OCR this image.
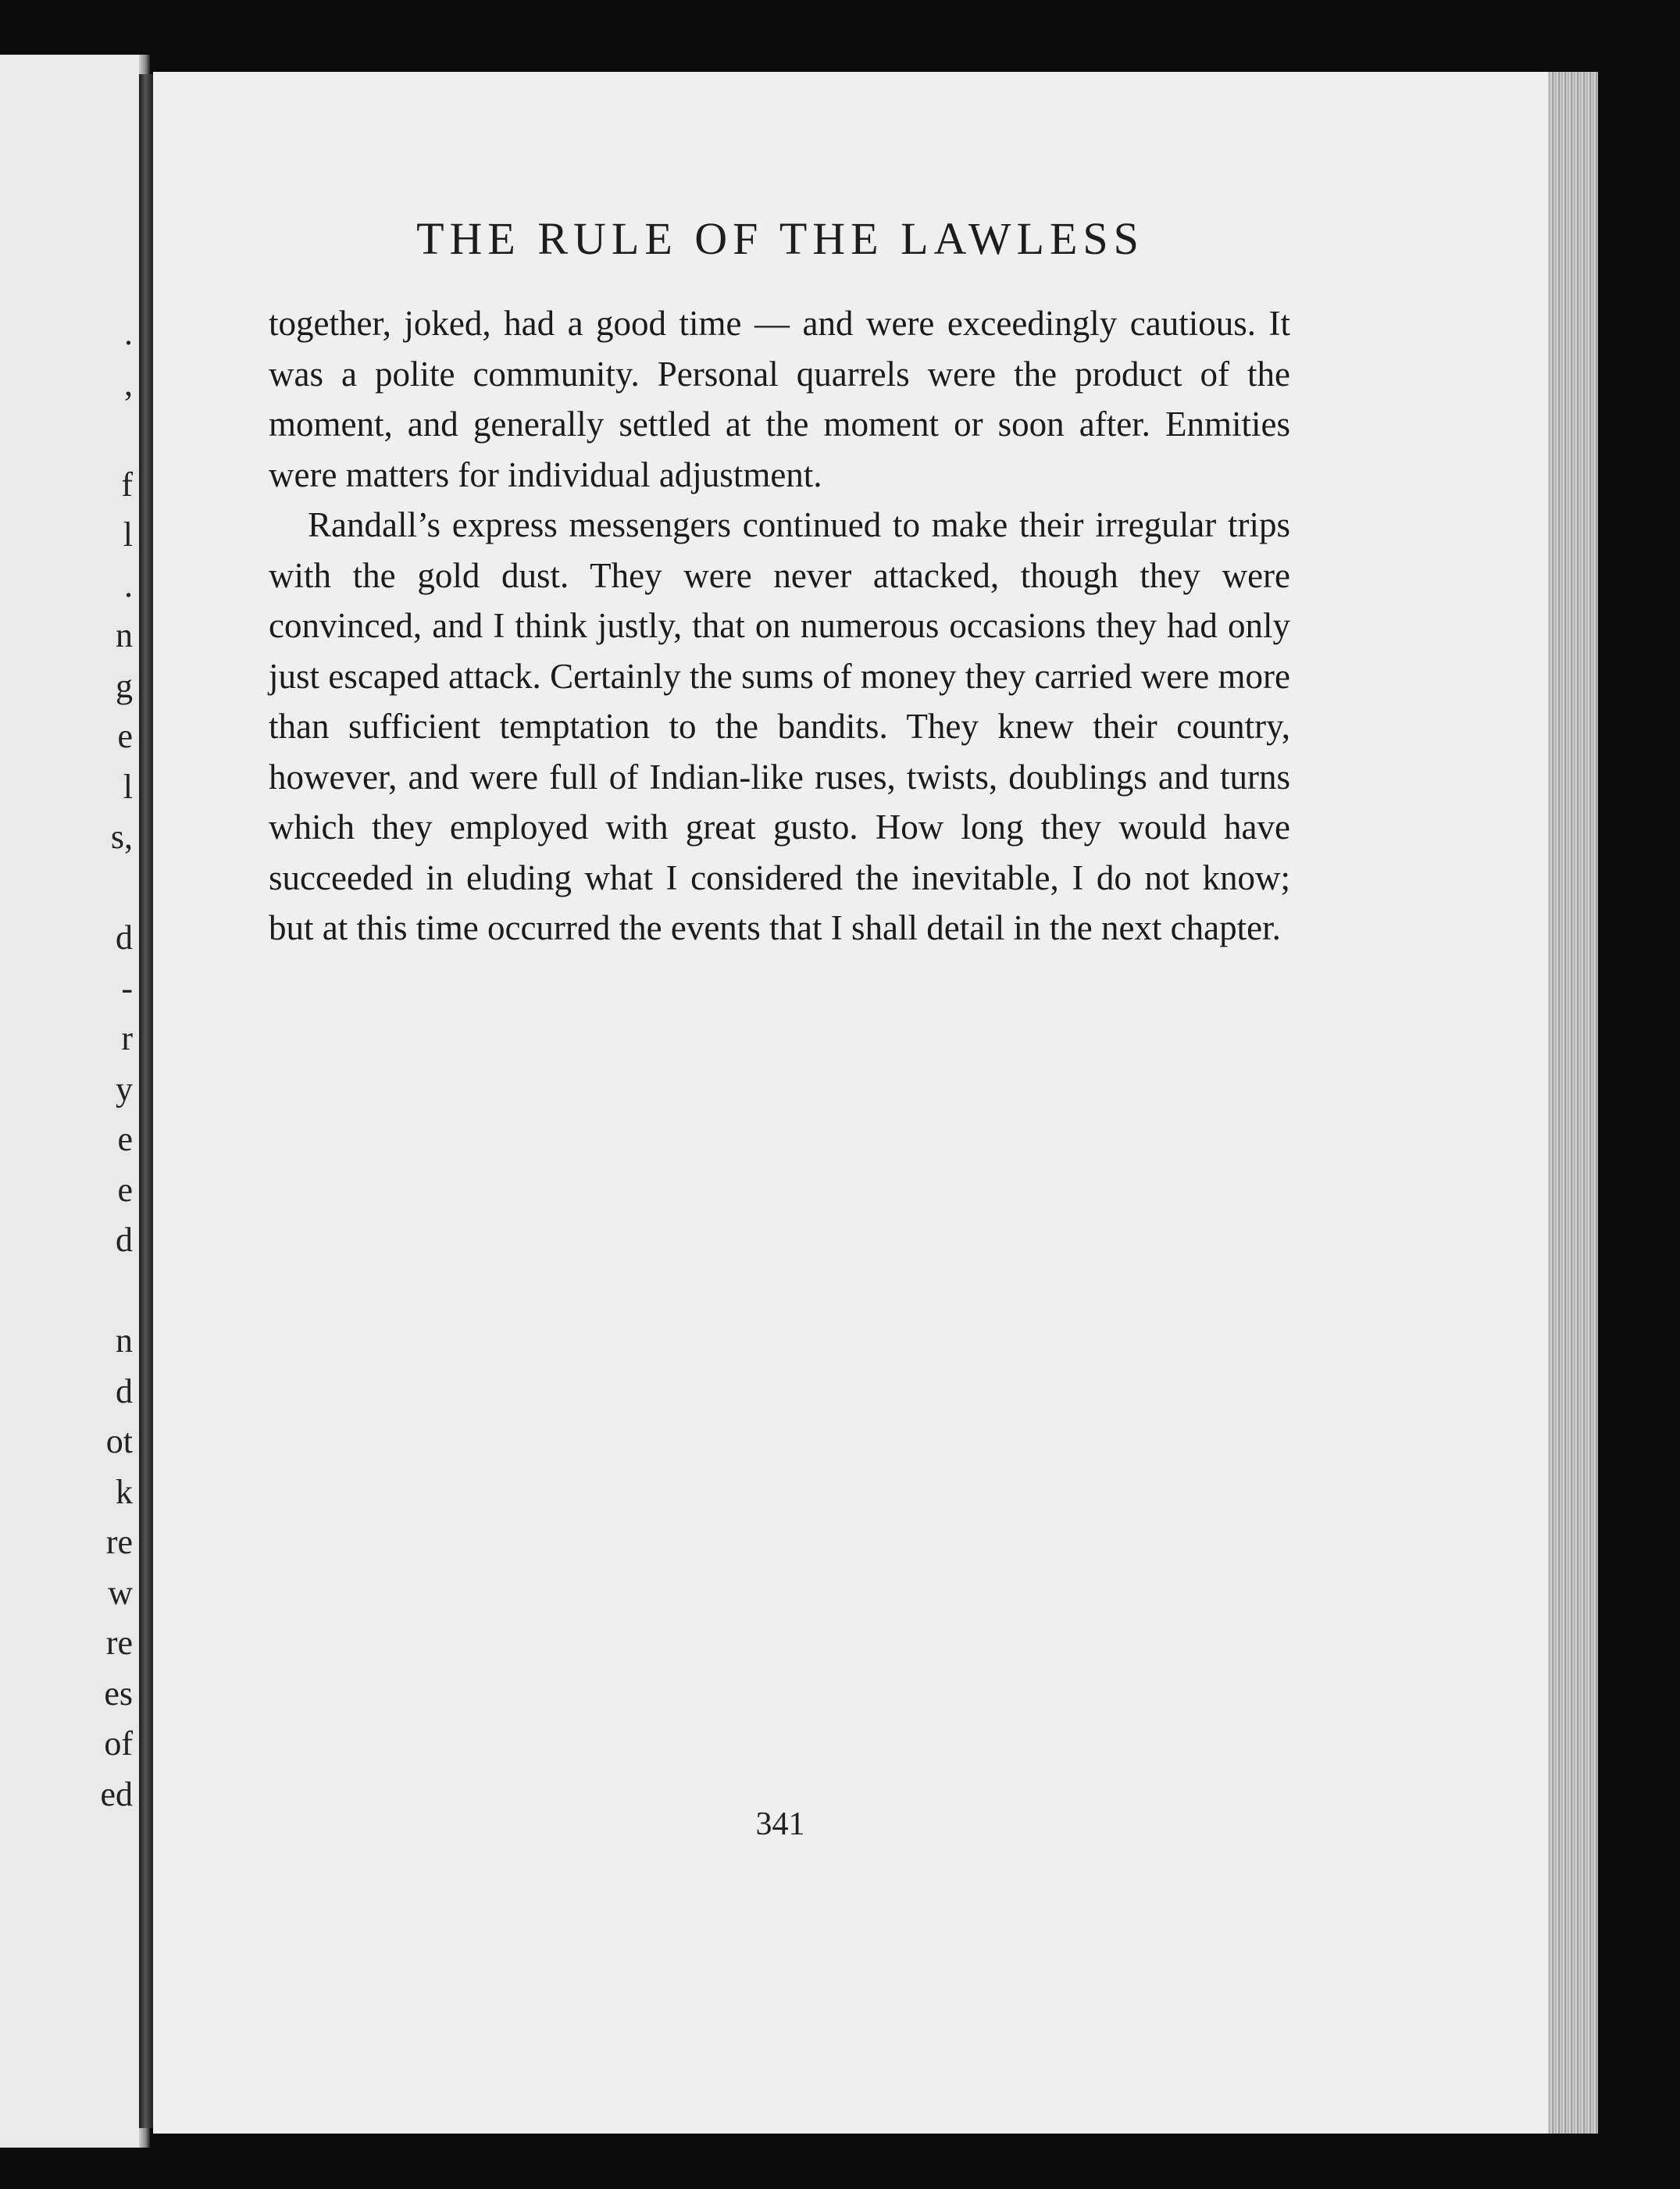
.
,
f
l
.
n
g
e
l
s,
d
-
r
y
e
e
d
n
d
ot
k
re
w
re
es
of
ed
THE RULE OF THE LAWLESS

together, joked, had a good time — and were exceedingly cautious. It was a polite community. Personal quarrels were the product of the moment, and generally settled at the moment or soon after. Enmities were matters for individual adjustment.

Randall’s express messengers continued to make their irregular trips with the gold dust. They were never attacked, though they were convinced, and I think justly, that on numerous occasions they had only just escaped attack. Certainly the sums of money they carried were more than sufficient temptation to the bandits. They knew their country, however, and were full of Indian-like ruses, twists, doublings and turns which they employed with great gusto. How long they would have succeeded in eluding what I considered the inevitable, I do not know; but at this time occurred the events that I shall detail in the next chapter.

341
